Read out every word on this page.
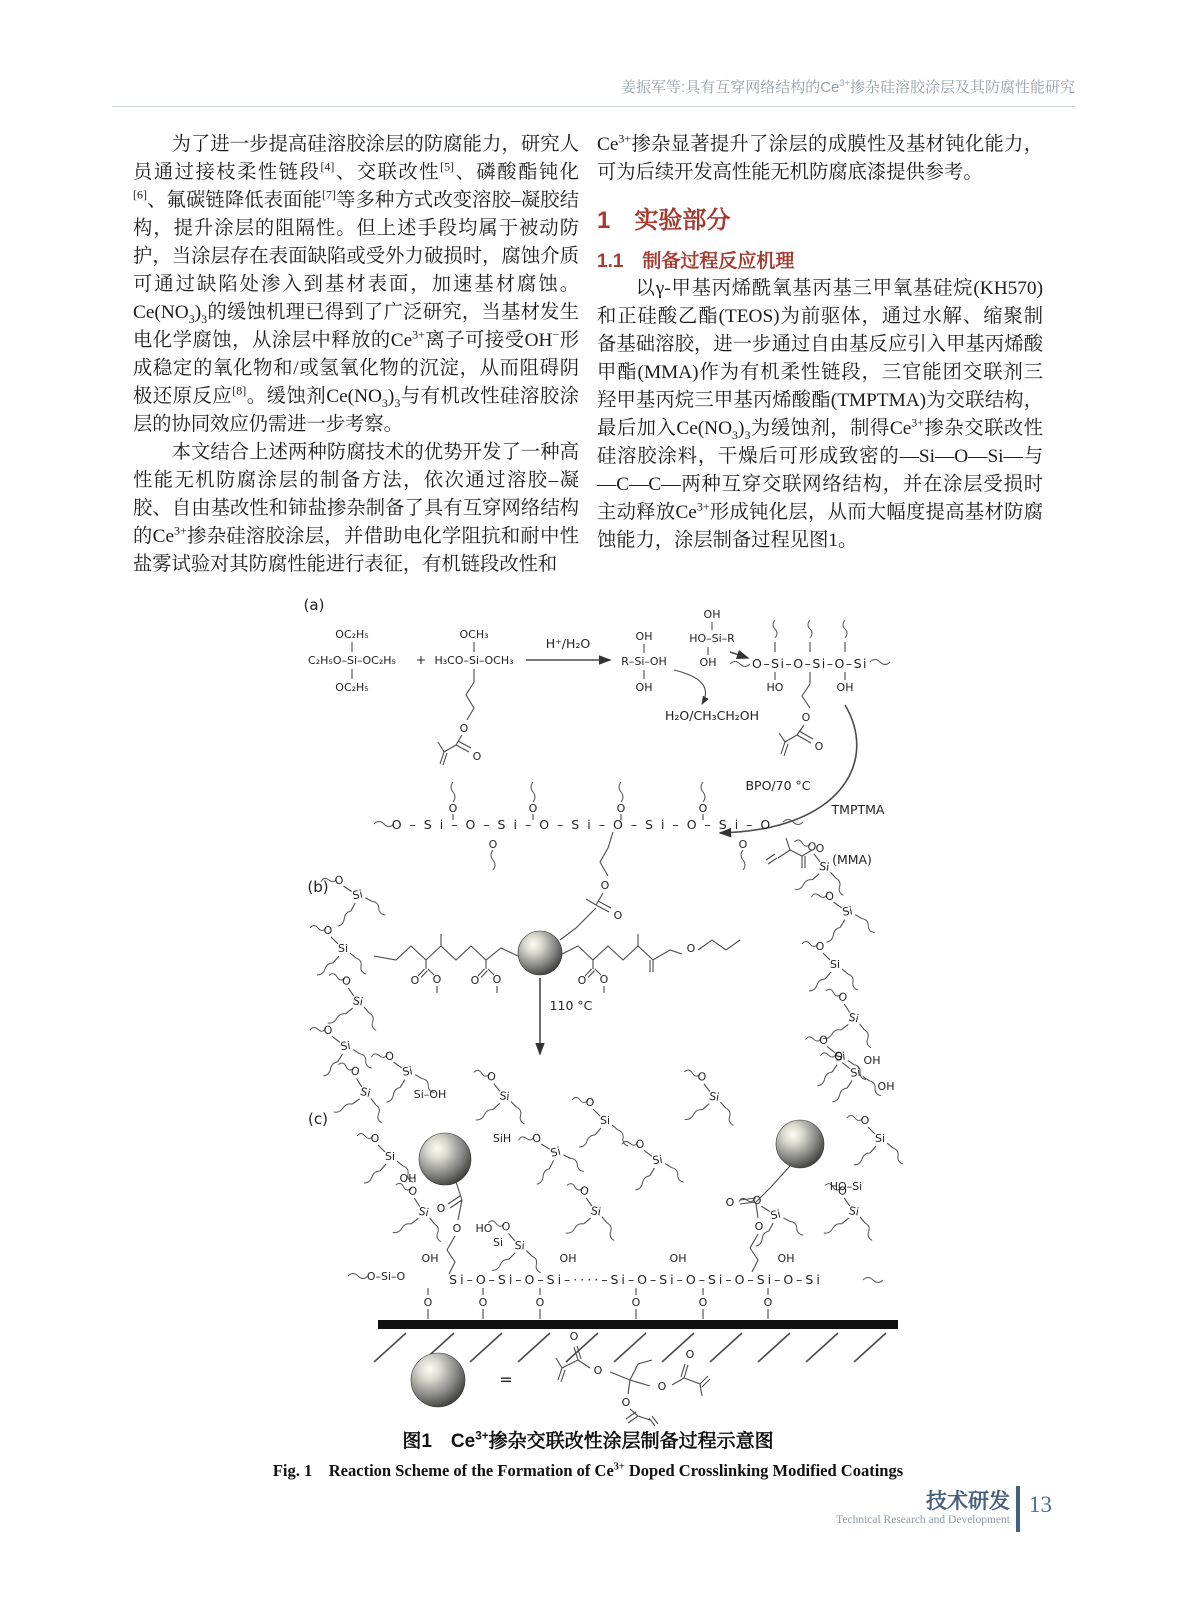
姜振军等:具有互穿网络结构的$Ce^{3+}$掺杂硅溶胶涂层及其防腐性能研究

为了进一步提高硅溶胶涂层的防腐能力，研究人员通过接枝柔性链段[4]、交联改性[5]、磷酸酯钝化[6]、氟碳链降低表面能[7]等多种方式改变溶胶–凝胶结构，提升涂层的阻隔性。但上述手段均属于被动防护，当涂层存在表面缺陷或受外力破损时，腐蚀介质可通过缺陷处渗入到基材表面，加速基材腐蚀。$Ce(NO_3)_3$的缓蚀机理已得到了广泛研究，当基材发生电化学腐蚀，从涂层中释放的$Ce^{3+}$离子可接受OH−形成稳定的氧化物和/或氢氧化物的沉淀，从而阻碍阴极还原反应[8]。缓蚀剂$Ce(NO_3)_3$与有机改性硅溶胶涂层的协同效应仍需进一步考察。

本文结合上述两种防腐技术的优势开发了一种高性能无机防腐涂层的制备方法，依次通过溶胶–凝胶、自由基改性和铈盐掺杂制备了具有互穿网络结构的$Ce^{3+}$掺杂硅溶胶涂层，并借助电化学阻抗和耐中性盐雾试验对其防腐性能进行表征，有机链段改性和

$Ce^{3+}$掺杂显著提升了涂层的成膜性及基材钝化能力，可为后续开发高性能无机防腐底漆提供参考。

1　实验部分
1.1　制备过程反应机理

以γ-甲基丙烯酰氧基丙基三甲氧基硅烷(KH570)和正硅酸乙酯(TEOS)为前驱体，通过水解、缩聚制备基础溶胶，进一步通过自由基反应引入甲基丙烯酸甲酯(MMA)作为有机柔性链段，三官能团交联剂三羟甲基丙烷三甲基丙烯酸酯(TMPTMA)为交联结构，最后加入$Ce(NO_3)_3$为缓蚀剂，制得$Ce^{3+}$掺杂交联改性硅溶胶涂料，干燥后可形成致密的—Si—O—Si—与—C—C—两种互穿交联网络结构，并在涂层受损时主动释放$Ce^{3+}$形成钝化层，从而大幅度提高基材防腐蚀能力，涂层制备过程见图1。

O
Si
O	O (a)
OC₂H₅
C₂H₅O–Si–OC₂H₅
OC₂H₅
+
OCH₃
H₃CO–Si–OCH₃
O
O
H⁺/H₂O	OH
R–Si–OH
OH
H₂O/CH₃CH₂OH
OH
HO–Si–R
OH	O–Si–O–Si–O–Si
HO	OH
O
O
BPO/70 °C
TMPTMA
O
(MMA)
(b)
O–Si–O–Si–O–Si–O–Si–O–Si–O
O	O	O	O
O	O
O
O
O
110 °C
(c)
Si–OH
SiH
OH
OH
OH
HO–Si
HO
Si
O
O
O
O
O–Si–O	Si–O–Si–O–Si–····–Si–O–Si–O–Si–O–Si–O–Si
OH	OH	OH	OH
O	O	O	O	O	O
=	O
O
O
O
O
图1　$Ce^{3+}$掺杂交联改性涂层制备过程示意图
Fig. 1　Reaction Scheme of the Formation of $Ce^{3+}$ Doped Crosslinking Modified Coatings
技术研发
Technical Research and Development
13
